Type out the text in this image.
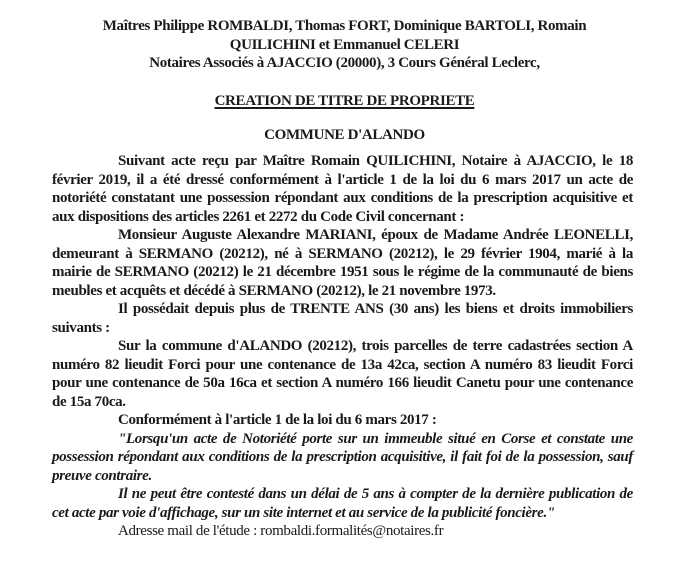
Maîtres Philippe ROMBALDI, Thomas FORT, Dominique BARTOLI, Romain
QUILICHINI et Emmanuel CELERI
Notaires Associés à AJACCIO (20000), 3 Cours Général Leclerc,
CREATION DE TITRE DE PROPRIETE
COMMUNE D'ALANDO

Suivant acte reçu par Maître Romain QUILICHINI, Notaire à AJACCIO, le 18 février 2019, il a été dressé conformément à l'article 1 de la loi du 6 mars 2017 un acte de notoriété constatant une possession répondant aux conditions de la prescription acquisitive et aux dispositions des articles 2261 et 2272 du Code Civil concernant :

Monsieur Auguste Alexandre MARIANI, époux de Madame Andrée LEONELLI, demeurant à SERMANO (20212), né à SERMANO (20212), le 29 février 1904, marié à la mairie de SERMANO (20212) le 21 décembre 1951 sous le régime de la communauté de biens meubles et acquêts et décédé à SERMANO (20212), le 21 novembre 1973.

Il possédait depuis plus de TRENTE ANS (30 ans) les biens et droits immobiliers suivants :

Sur la commune d'ALANDO (20212), trois parcelles de terre cadastrées section A numéro 82 lieudit Forci pour une contenance de 13a 42ca, section A numéro 83 lieudit Forci pour une contenance de 50a 16ca et section A numéro 166 lieudit Canetu pour une contenance de 15a 70ca.

Conformément à l'article 1 de la loi du 6 mars 2017 :

"Lorsqu'un acte de Notoriété porte sur un immeuble situé en Corse et constate une possession répondant aux conditions de la prescription acquisitive, il fait foi de la possession, sauf preuve contraire.

Il ne peut être contesté dans un délai de 5 ans à compter de la dernière publication de cet acte par voie d'affichage, sur un site internet et au service de la publicité foncière."

Adresse mail de l'étude : rombaldi.formalités@notaires.fr
